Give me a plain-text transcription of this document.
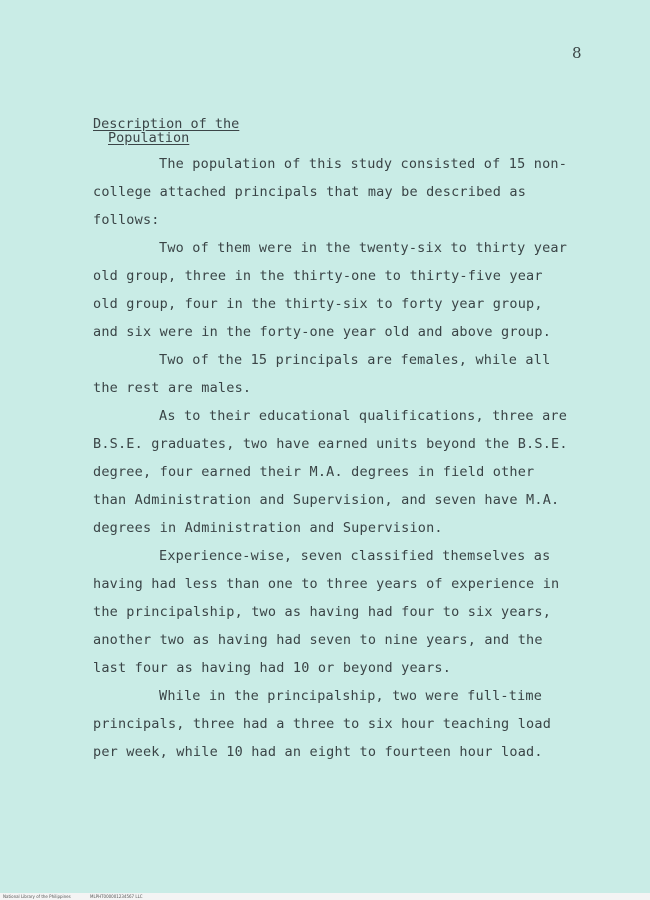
8
Description of the
Population

The population of this study consisted of 15 non-college attached principals that may be described as follows:

Two of them were in the twenty-six to thirty year old group, three in the thirty-one to thirty-five year old group, four in the thirty-six to forty year group, and six were in the forty-one year old and above group.

Two of the 15 principals are females, while all the rest are males.

As to their educational qualifications, three are B.S.E. graduates, two have earned units beyond the B.S.E. degree, four earned their M.A. degrees in field other than Administration and Supervision, and seven have M.A. degrees in Administration and Supervision.

Experience-wise, seven classified themselves as having had less than one to three years of experience in the principalship, two as having had four to six years, another two as having had seven to nine years, and the last four as having had 10 or beyond years.

While in the principalship, two were full-time principals, three had a three to six hour teaching load per week, while 10 had an eight to fourteen hour load.

National Library of the Philippines	MLPHT000001234567 LLC
